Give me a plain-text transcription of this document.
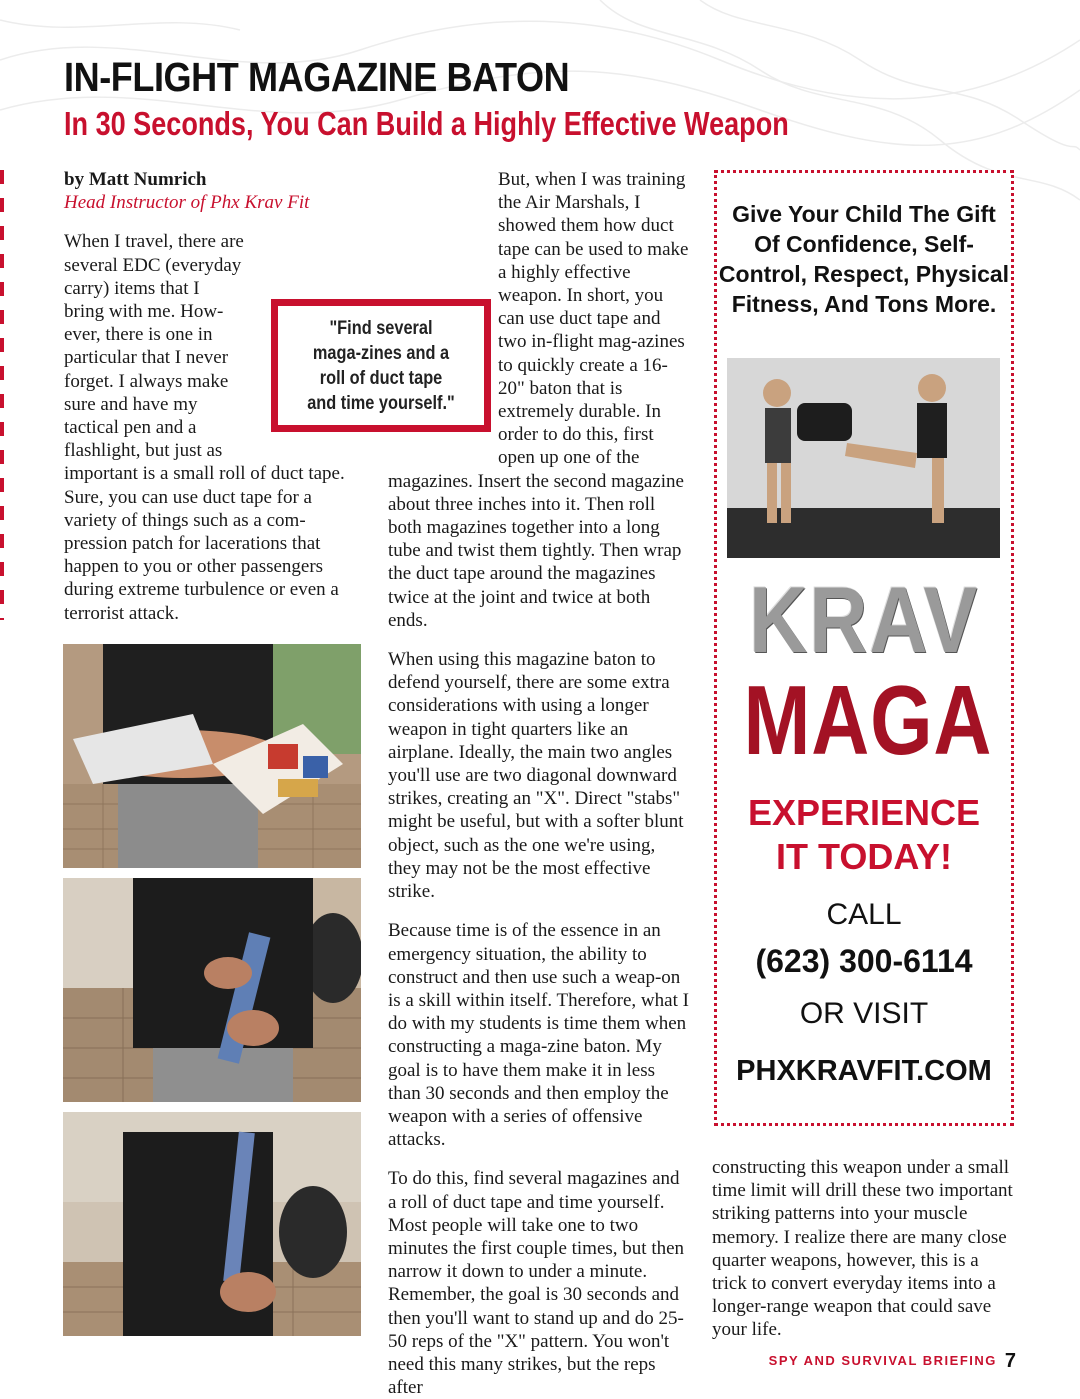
IN-FLIGHT MAGAZINE BATON
In 30 Seconds, You Can Build a Highly Effective Weapon

by Matt Numrich

Head Instructor of Phx Krav Fit

When I travel, there are several EDC (everyday carry) items that I bring with me. How-ever, there is one in particular that I never forget. I always make sure and have my tactical pen and a flashlight, but just as important is a small roll of duct tape. Sure, you can use duct tape for a variety of things such as a com-pression patch for lacerations that happen to you or other passengers during extreme turbulence or even a terrorist attack.

"Find several maga-zines and a roll of duct tape and time yourself."

But, when I was training the Air Marshals, I showed them how duct tape can be used to make a highly effective weapon. In short, you can use duct tape and two in-flight mag-azines to quickly create a 16-20" baton that is extremely durable. In order to do this, first open up one of the magazines. Insert the second magazine about three inches into it. Then roll both magazines together into a long tube and twist them tightly. Then wrap the duct tape around the magazines twice at the joint and twice at both ends.

When using this magazine baton to defend yourself, there are some extra considerations with using a longer weapon in tight quarters like an airplane. Ideally, the main two angles you'll use are two diagonal downward strikes, creating an "X". Direct "stabs" might be useful, but with a softer blunt object, such as the one we're using, they may not be the most effective strike.

Because time is of the essence in an emergency situation, the ability to construct and then use such a weap-on is a skill within itself. Therefore, what I do with my students is time them when constructing a maga-zine baton. My goal is to have them make it in less than 30 seconds and then employ the weapon with a series of offensive attacks.

To do this, find several magazines and a roll of duct tape and time yourself. Most people will take one to two minutes the first couple times, but then narrow it down to under a minute. Remember, the goal is 30 seconds and then you'll want to stand up and do 25-50 reps of the "X" pattern. You won't need this many strikes, but the reps after

Give Your Child The Gift Of Confidence, Self-Control, Respect, Physical Fitness, And Tons More.
KRAV
MAGA
EXPERIENCE
IT TODAY!
CALL
(623) 300-6114
OR VISIT
PHXKRAVFIT.COM

constructing this weapon under a small time limit will drill these two important striking patterns into your muscle memory. I realize there are many close quarter weapons, however, this is a trick to convert everyday items into a longer-range weapon that could save your life.

SPY AND SURVIVAL BRIEFING 7
